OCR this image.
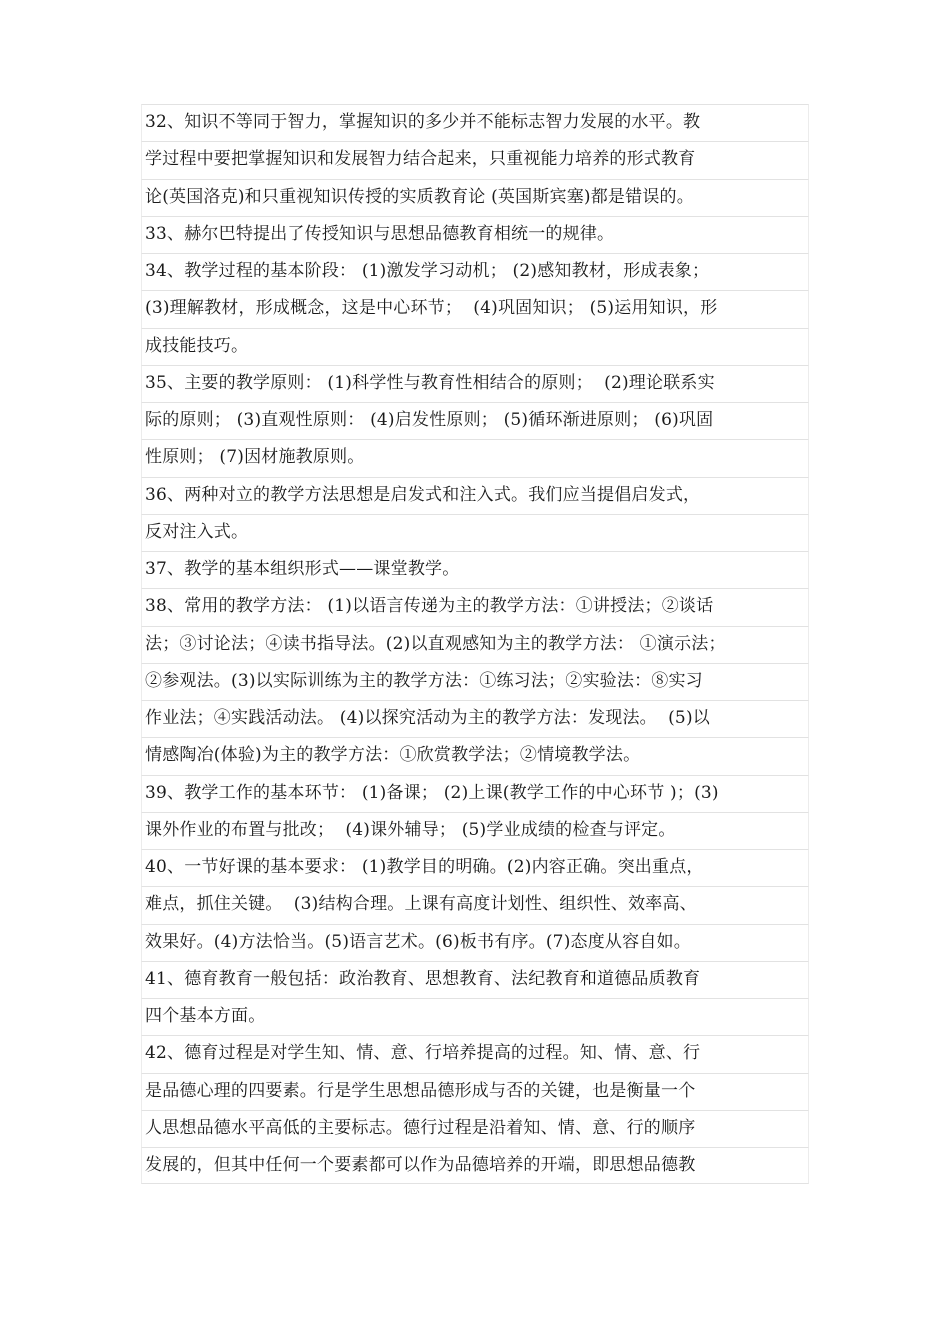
32、知识不等同于智力，掌握知识的多少并不能标志智力发展的水平。教
学过程中要把掌握知识和发展智力结合起来，只重视能力培养的形式教育
论(英国洛克)和只重视知识传授的实质教育论 (英国斯宾塞)都是错误的。
33、赫尔巴特提出了传授知识与思想品德教育相统一的规律。
34、教学过程的基本阶段： (1)激发学习动机； (2)感知教材，形成表象；
(3)理解教材，形成概念，这是中心环节；  (4)巩固知识； (5)运用知识，形
成技能技巧。
35、主要的教学原则： (1)科学性与教育性相结合的原则；  (2)理论联系实
际的原则； (3)直观性原则： (4)启发性原则； (5)循环渐进原则； (6)巩固
性原则； (7)因材施教原则。
36、两种对立的教学方法思想是启发式和注入式。我们应当提倡启发式，
反对注入式。
37、教学的基本组织形式——课堂教学。
38、常用的教学方法： (1)以语言传递为主的教学方法：①讲授法；②谈话
法；③讨论法；④读书指导法。(2)以直观感知为主的教学方法： ①演示法；
②参观法。(3)以实际训练为主的教学方法：①练习法；②实验法：⑧实习
作业法；④实践活动法。 (4)以探究活动为主的教学方法：发现法。  (5)以
情感陶冶(体验)为主的教学方法：①欣赏教学法；②情境教学法。
39、教学工作的基本环节： (1)备课； (2)上课(教学工作的中心环节 )；(3)
课外作业的布置与批改；  (4)课外辅导； (5)学业成绩的检查与评定。
40、一节好课的基本要求： (1)教学目的明确。(2)内容正确。突出重点，
难点，抓住关键。  (3)结构合理。上课有高度计划性、组织性、效率高、
效果好。(4)方法恰当。(5)语言艺术。(6)板书有序。(7)态度从容自如。
41、德育教育一般包括：政治教育、思想教育、法纪教育和道德品质教育
四个基本方面。
42、德育过程是对学生知、情、意、行培养提高的过程。知、情、意、行
是品德心理的四要素。行是学生思想品德形成与否的关键，也是衡量一个
人思想品德水平高低的主要标志。德行过程是沿着知、情、意、行的顺序
发展的，但其中任何一个要素都可以作为品德培养的开端，即思想品德教
